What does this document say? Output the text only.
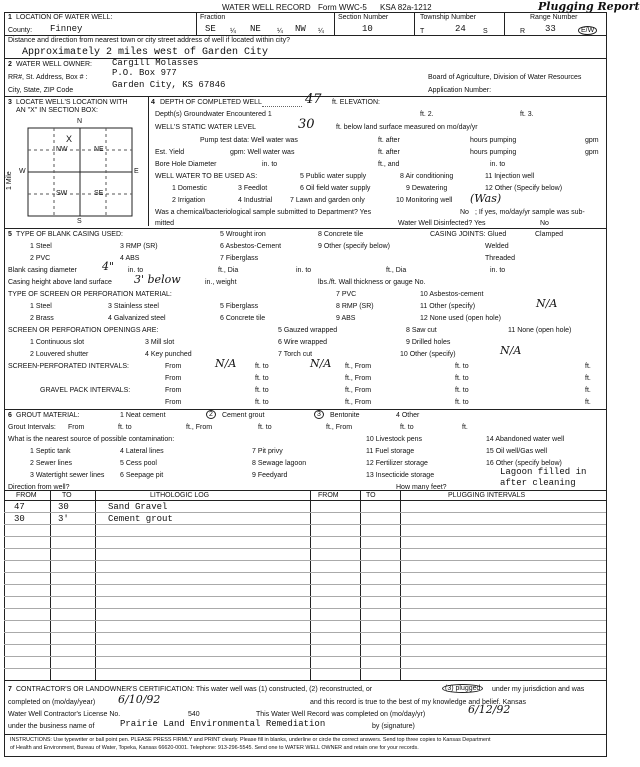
WATER WELL RECORD Form WWC-5 KSA 82a-1212	Plugging Report
1 LOCATION OF WATER WELL:	Fraction	Section Number	Township Number	Range Number
County: Finney	SE ¼ NE ¼ NW ¼	10	T	24 S	R 33	E/W
Distance and direction from nearest town or city street address of well if located within city?
Approximately 2 miles west of Garden City
2 WATER WELL OWNER: Cargill Molasses
RR#, St. Address, Box # :	P.O. Box 977
City, State, ZIP Code
Garden City, KS 67846
Board of Agriculture, Division of Water Resources
Application Number:
3 LOCATE WELL'S LOCATION WITH
AN "X" IN SECTION BOX:
N
S
W	E
NW	NE
SW	SE
X
1 Mile
4 DEPTH OF COMPLETED WELL	47 ft. ELEVATION:
Depth(s) Groundwater Encountered 1	ft. 2.	ft. 3.
WELL'S STATIC WATER LEVEL	30	ft. below land surface measured on mo/day/yr
Pump test data: Well water was	ft. after	hours pumping	gpm
Est. Yield	gpm: Well water was	ft. after	hours pumping	gpm
Bore Hole Diameter	in. to	ft., and	in. to
WELL WATER TO BE USED AS:
1 Domestic	3 Feedlot
5 Public water supply	8 Air conditioning	11 Injection well
2 Irrigation	4 Industrial	7 Lawn and garden only
9 Dewatering	12 Other (Specify below)
6 Oil field water supply
10 Monitoring well (Was)
Was a chemical/bacteriological sample submitted to Department? Yes	No ; If yes, mo/day/yr sample was sub-
mitted	Water Well Disinfected? Yes	No
5 TYPE OF BLANK CASING USED:
1 Steel	3 RMP (SR)
5 Wrought iron	8 Concrete tile
2 PVC	4 ABS
6 Asbestos-Cement	9 Other (specify below)
7 Fiberglass
CASING JOINTS: Glued	Clamped
Welded
Threaded
Blank casing diameter 4" in. to	ft., Dia	in. to	ft., Dia	in. to
Casing height above land surface 3' below	in., weight	lbs./ft. Wall thickness or gauge No.
TYPE OF SCREEN OR PERFORATION MATERIAL:
1 Steel	3 Stainless steel	5 Fiberglass
7 PVC	10 Asbestos-cement
2 Brass	4 Galvanized steel	6 Concrete tile
8 RMP (SR)	11 Other (specify)
9 ABS	12 None used (open hole)
N/A
SCREEN OR PERFORATION OPENINGS ARE:	5 Gauzed wrapped	8 Saw cut	11 None (open hole)
1 Continuous slot	3 Mill slot	6 Wire wrapped	9 Drilled holes
2 Louvered shutter	4 Key punched	7 Torch cut	10 Other (specify)	N/A
SCREEN-PERFORATED INTERVALS:	From	N/A	ft. to	N/A ft., From	ft. to	ft.
From	ft. to	ft., From	ft. to	ft.
GRAVEL PACK INTERVALS:	From	ft. to	ft., From	ft. to	ft.
From	ft. to	ft., From	ft. to	ft.
6 GROUT MATERIAL:	1 Neat cement	2	Cement grout	3	Bentonite	4 Other
Grout Intervals: From	ft. to	ft., From	ft. to	ft., From	ft. to	ft.
What is the nearest source of possible contamination:
1 Septic tank	4 Lateral lines	7 Pit privy
10 Livestock pens	14 Abandoned water well
2 Sewer lines	5 Cess pool	8 Sewage lagoon
11 Fuel storage	15 Oil well/Gas well
3 Watertight sewer lines 6 Seepage pit	9 Feedyard
12 Fertilizer storage	16 Other (specify below)
13 Insecticide storage	Lagoon filled in
after cleaning
Direction from well?	How many feet?
FROM	TO	LITHOLOGIC LOG	FROM	TO	PLUGGING INTERVALS
47	30	Sand Gravel
30	3'	Cement grout
7 CONTRACTOR'S OR LANDOWNER'S CERTIFICATION: This water well was (1) constructed, (2) reconstructed, or	(3) plugged	under my jurisdiction and was
completed on (mo/day/year) 6/10/92	and this record is true to the best of my knowledge and belief. Kansas
Water Well Contractor's License No.	540	This Water Well Record was completed on (mo/day/yr)	6/12/92
under the business name of	Prairie Land Environmental Remediation	by (signature)
INSTRUCTIONS: Use typewriter or ball point pen. PLEASE PRESS FIRMLY and PRINT clearly. Please fill in blanks, underline or circle the correct answers. Send top three copies to Kansas Department
of Health and Environment, Bureau of Water, Topeka, Kansas 66620-0001. Telephone: 913-296-5545. Send one to WATER WELL OWNER and retain one for your records.
